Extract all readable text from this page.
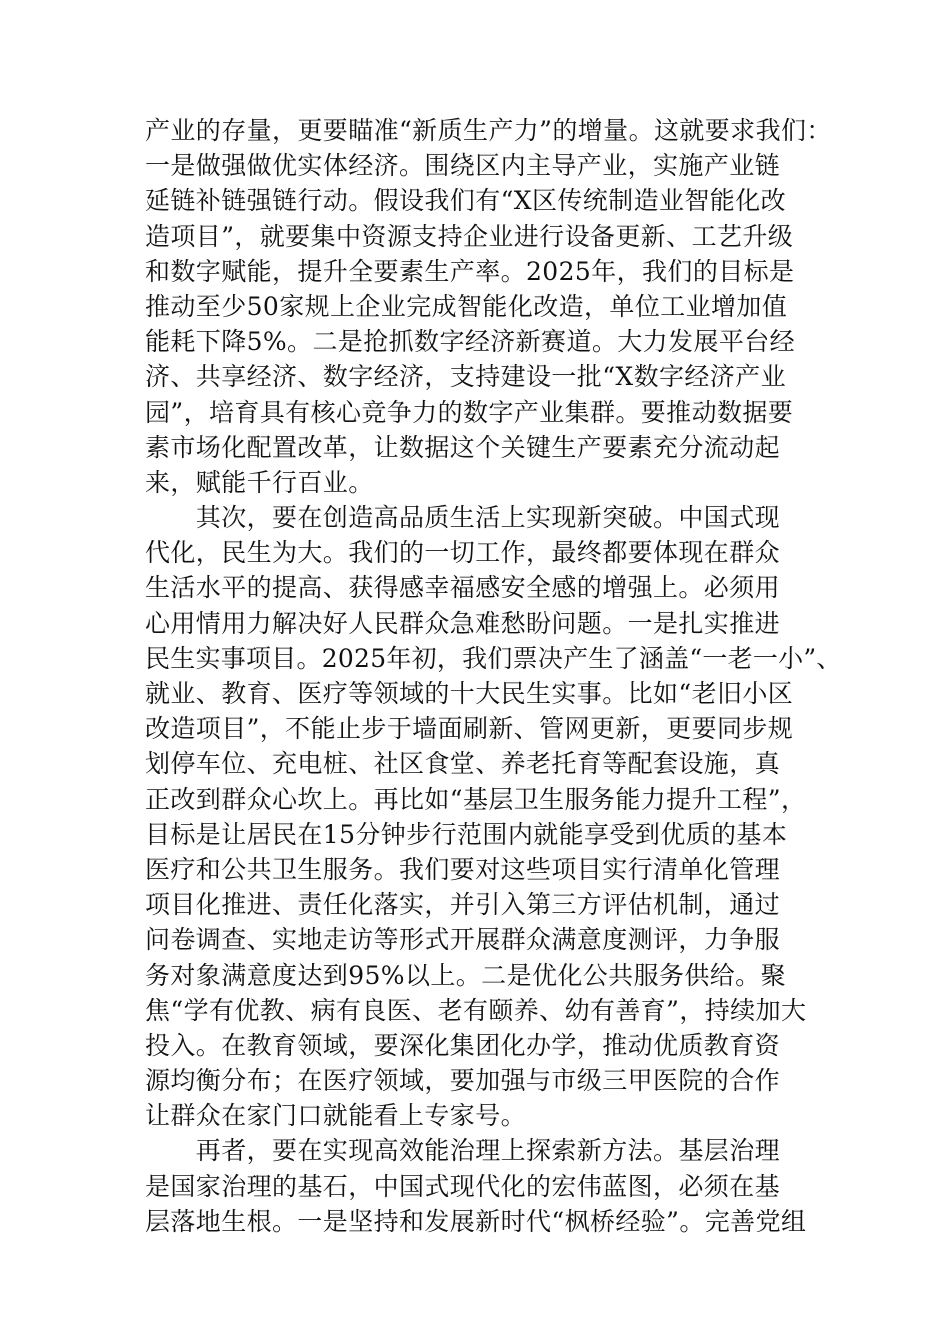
产业的存量，更要瞄准“新质生产力”的增量。这就要求我们：
一是做强做优实体经济。围绕区内主导产业，实施产业链
延链补链强链行动。假设我们有“X区传统制造业智能化改
造项目”，就要集中资源支持企业进行设备更新、工艺升级
和数字赋能，提升全要素生产率。2025年，我们的目标是
推动至少50家规上企业完成智能化改造，单位工业增加值
能耗下降5%。二是抢抓数字经济新赛道。大力发展平台经
济、共享经济、数字经济，支持建设一批“X数字经济产业
园”，培育具有核心竞争力的数字产业集群。要推动数据要
素市场化配置改革，让数据这个关键生产要素充分流动起
来，赋能千行百业。
　　其次，要在创造高品质生活上实现新突破。中国式现
代化，民生为大。我们的一切工作，最终都要体现在群众
生活水平的提高、获得感幸福感安全感的增强上。必须用
心用情用力解决好人民群众急难愁盼问题。一是扎实推进
民生实事项目。2025年初，我们票决产生了涵盖“一老一小”、
就业、教育、医疗等领域的十大民生实事。比如“老旧小区
改造项目”，不能止步于墙面刷新、管网更新，更要同步规
划停车位、充电桩、社区食堂、养老托育等配套设施，真
正改到群众心坎上。再比如“基层卫生服务能力提升工程”，
目标是让居民在15分钟步行范围内就能享受到优质的基本
医疗和公共卫生服务。我们要对这些项目实行清单化管理
项目化推进、责任化落实，并引入第三方评估机制，通过
问卷调查、实地走访等形式开展群众满意度测评，力争服
务对象满意度达到95%以上。二是优化公共服务供给。聚
焦“学有优教、病有良医、老有颐养、幼有善育”，持续加大
投入。在教育领域，要深化集团化办学，推动优质教育资
源均衡分布；在医疗领域，要加强与市级三甲医院的合作
让群众在家门口就能看上专家号。
　　再者，要在实现高效能治理上探索新方法。基层治理
是国家治理的基石，中国式现代化的宏伟蓝图，必须在基
层落地生根。一是坚持和发展新时代“枫桥经验”。完善党组
